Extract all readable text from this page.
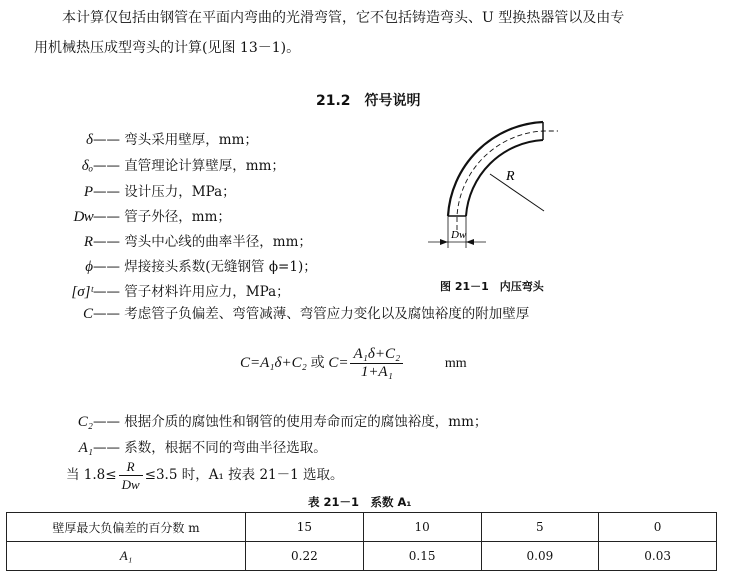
本计算仅包括由钢管在平面内弯曲的光滑弯管，它不包括铸造弯头、U 型换热器管以及由专
用机械热压成型弯头的计算(见图 13－1)。
21.2　符号说明
δ—— 弯头采用壁厚，mm；
δₒ—— 直管理论计算壁厚，mm；
P—— 设计压力，MPa；
Dᴡ—— 管子外径，mm；
R—— 弯头中心线的曲率半径，mm；
ϕ—— 焊接接头系数(无缝钢管 ϕ=1)；
[σ]ᵗ—— 管子材料许用应力，MPa；
C—— 考虑管子负偏差、弯管减薄、弯管应力变化以及腐蚀裕度的附加壁厚
R
Dw
图 21－1　内压弯头
C=A₁δ+C₂ 或 $C= \frac{\text{A₁δ+C₂}}{\text{1+A₁}}$	mm
C₂—— 根据介质的腐蚀性和钢管的使用寿命而定的腐蚀裕度，mm；
A₁—— 系数，根据不同的弯曲半径选取。
当 $1.8\le \frac{R}{Dw} \le 3.5$ 时，A₁ 按表 21－1 选取。
表 21－1　系数 A₁
壁厚最大负偏差的百分数 m	15	10	5	0
A₁	0.22	0.15	0.09	0.03
